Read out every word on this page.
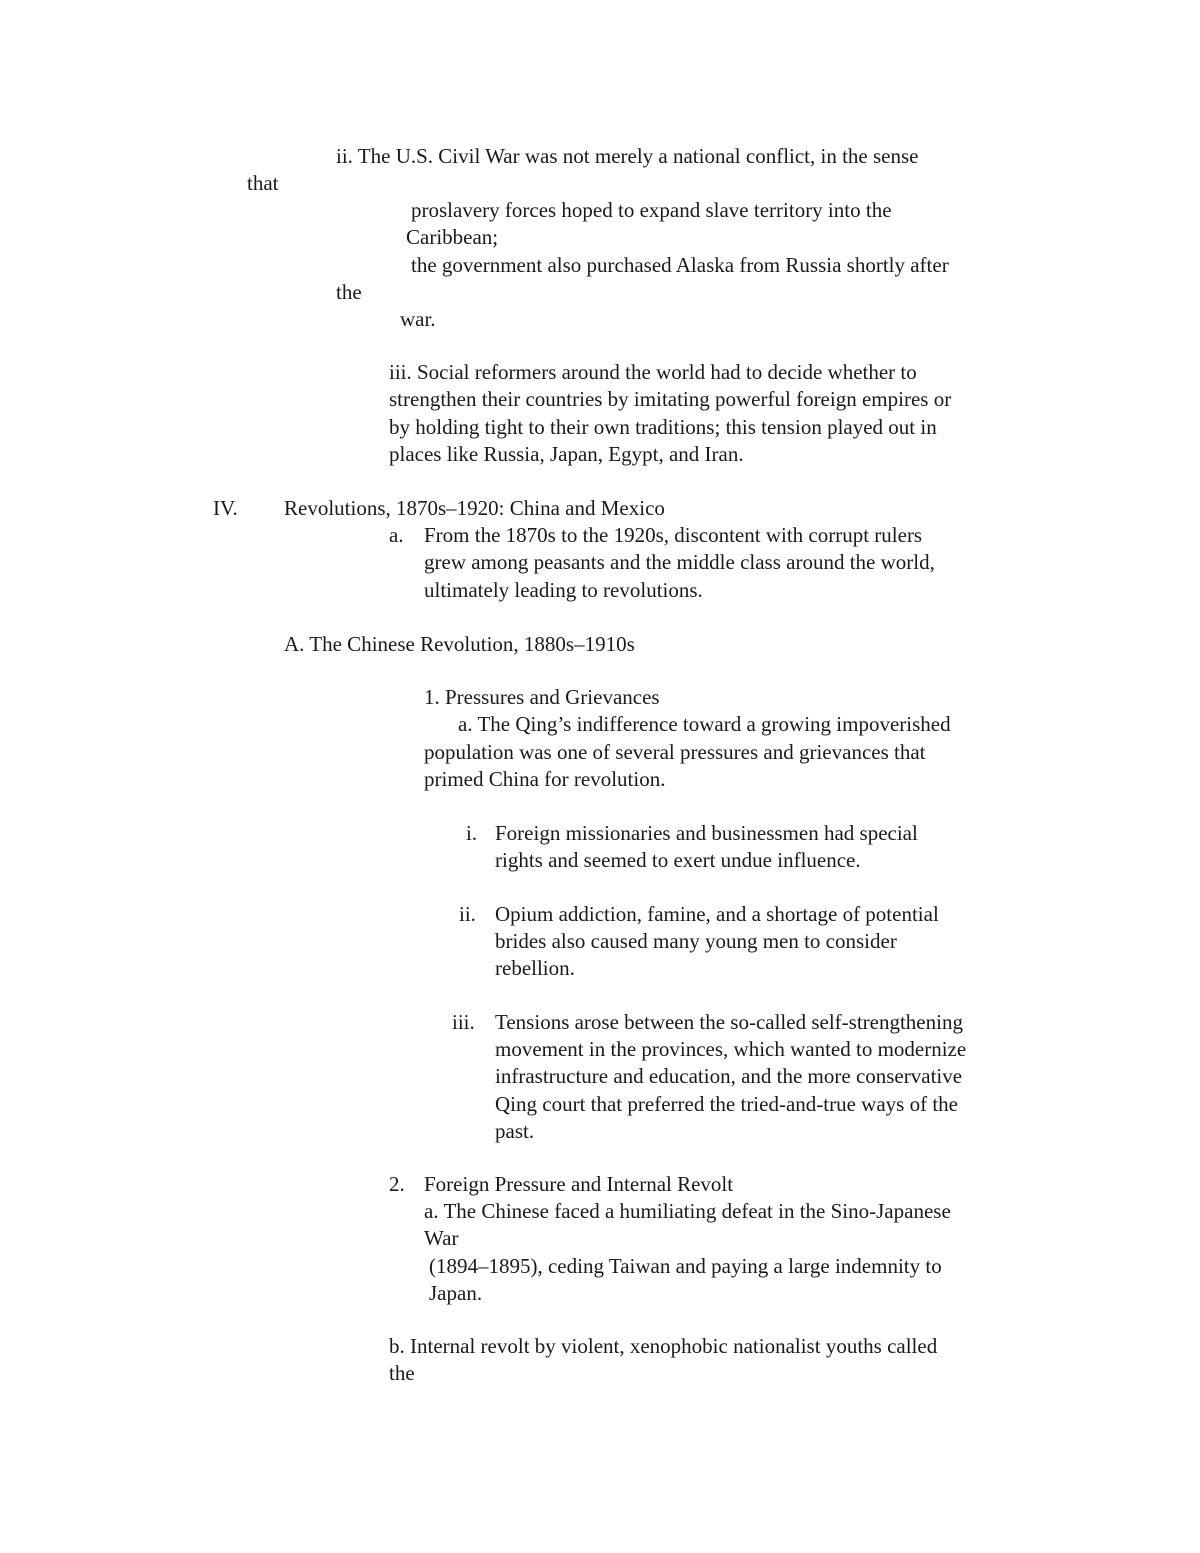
ii. The U.S. Civil War was not merely a national conflict, in the sense
that
proslavery forces hoped to expand slave territory into the
Caribbean;
the government also purchased Alaska from Russia shortly after
the
war.
iii. Social reformers around the world had to decide whether to
strengthen their countries by imitating powerful foreign empires or
by holding tight to their own traditions; this tension played out in
places like Russia, Japan, Egypt, and Iran.
IV. Revolutions, 1870s–1920: China and Mexico
a. From the 1870s to the 1920s, discontent with corrupt rulers
grew among peasants and the middle class around the world,
ultimately leading to revolutions.
A. The Chinese Revolution, 1880s–1910s
1. Pressures and Grievances
a. The Qing’s indifference toward a growing impoverished
population was one of several pressures and grievances that
primed China for revolution.
i. Foreign missionaries and businessmen had special
rights and seemed to exert undue influence.
ii. Opium addiction, famine, and a shortage of potential
brides also caused many young men to consider
rebellion.
iii. Tensions arose between the so-called self-strengthening
movement in the provinces, which wanted to modernize
infrastructure and education, and the more conservative
Qing court that preferred the tried-and-true ways of the
past.
2. Foreign Pressure and Internal Revolt
a. The Chinese faced a humiliating defeat in the Sino-Japanese
War
(1894–1895), ceding Taiwan and paying a large indemnity to
Japan.
b. Internal revolt by violent, xenophobic nationalist youths called
the
